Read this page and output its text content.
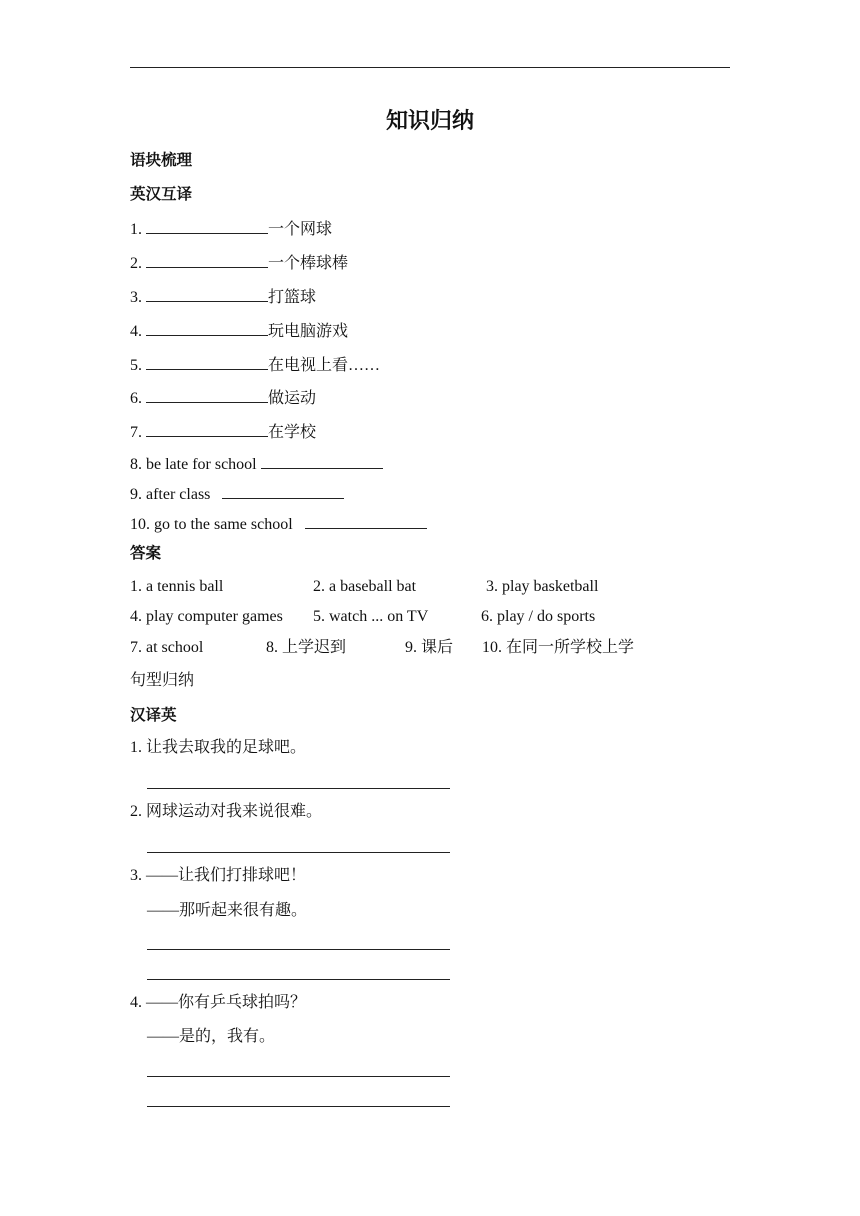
知识归纳
语块梳理
英汉互译
1.	一个网球
2.	一个棒球棒
3.	打篮球
4.	玩电脑游戏
5.	在电视上看……
6.	做运动
7.	在学校
8. be late for school
9. after class
10. go to the same school
答案
1. a tennis ball	2. a baseball bat	3. play basketball
4. play computer games 5. watch ... on TV	6. play / do sports
7. at school	8. 上学迟到	9. 课后 10. 在同一所学校上学
句型归纳
汉译英
1. 让我去取我的足球吧。
2. 网球运动对我来说很难。
3. ——让我们打排球吧！
——那听起来很有趣。
4. ——你有乒乓球拍吗？
——是的，我有。
